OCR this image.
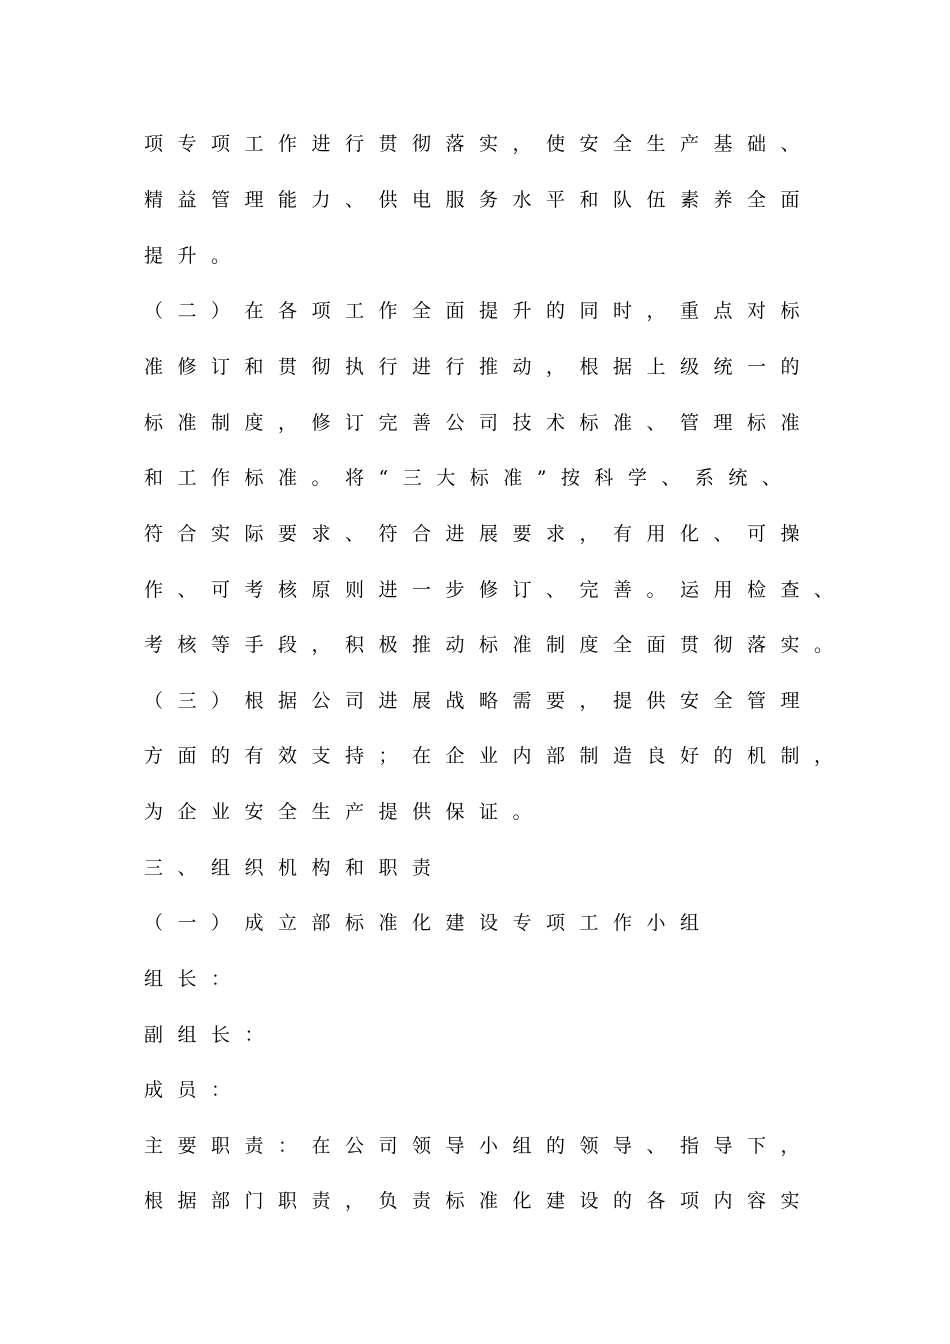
项专项工作进行贯彻落实，使安全生产基础、
精益管理能力、供电服务水平和队伍素养全面
提升。
（二）在各项工作全面提升的同时，重点对标
准修订和贯彻执行进行推动，根据上级统一的
标准制度，修订完善公司技术标准、管理标准
和工作标准。将“三大标准”按科学、系统、
符合实际要求、符合进展要求，有用化、可操
作、可考核原则进一步修订、完善。运用检查、
考核等手段，积极推动标准制度全面贯彻落实。
（三）根据公司进展战略需要，提供安全管理
方面的有效支持；在企业内部制造良好的机制，
为企业安全生产提供保证。
三、组织机构和职责
（一）成立部标准化建设专项工作小组
组长：
副组长：
成员：
主要职责：在公司领导小组的领导、指导下，
根据部门职责，负责标准化建设的各项内容实
